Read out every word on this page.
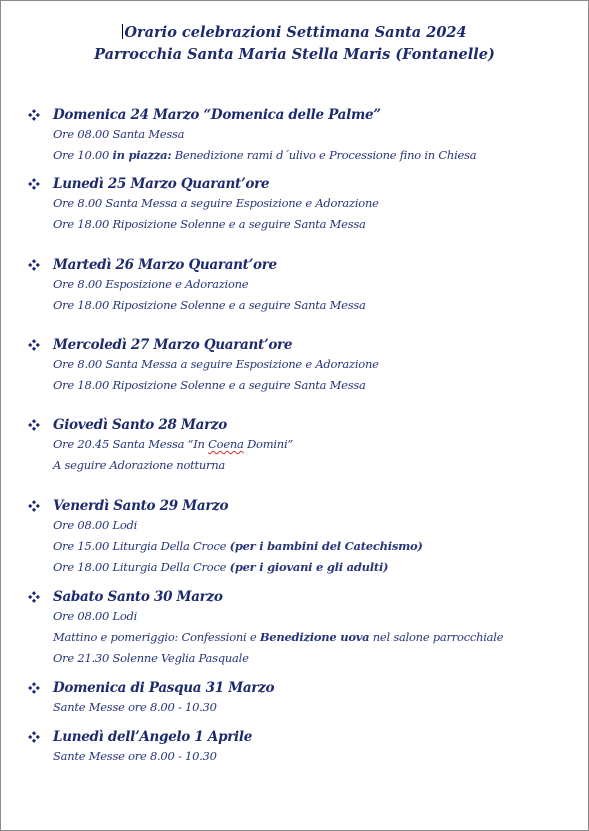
Orario celebrazioni Settimana Santa 2024
Parrocchia Santa Maria Stella Maris (Fontanelle)
Domenica 24 Marzo “Domenica delle Palme”
Ore 08.00 Santa Messa
Ore 10.00 in piazza: Benedizione rami d´ulivo e Processione fino in Chiesa
Lunedì 25 Marzo Quarant’ore
Ore 8.00 Santa Messa a seguire Esposizione e Adorazione
Ore 18.00 Riposizione Solenne e a seguire Santa Messa
Martedì 26 Marzo Quarant’ore
Ore 8.00 Esposizione e Adorazione
Ore 18.00 Riposizione Solenne e a seguire Santa Messa
Mercoledì 27 Marzo Quarant’ore
Ore 8.00 Santa Messa a seguire Esposizione e Adorazione
Ore 18.00 Riposizione Solenne e a seguire Santa Messa
Giovedì Santo 28 Marzo
Ore 20.45 Santa Messa “In Coena Domini”
A seguire Adorazione notturna
Venerdì Santo 29 Marzo
Ore 08.00 Lodi
Ore 15.00 Liturgia Della Croce (per i bambini del Catechismo)
Ore 18.00 Liturgia Della Croce (per i giovani e gli adulti)
Sabato Santo 30 Marzo
Ore 08.00 Lodi
Mattino e pomeriggio: Confessioni e Benedizione uova nel salone parrocchiale
Ore 21.30 Solenne Veglia Pasquale
Domenica di Pasqua 31 Marzo
Sante Messe ore 8.00 - 10.30
Lunedì dell’Angelo 1 Aprile
Sante Messe ore 8.00 - 10.30
